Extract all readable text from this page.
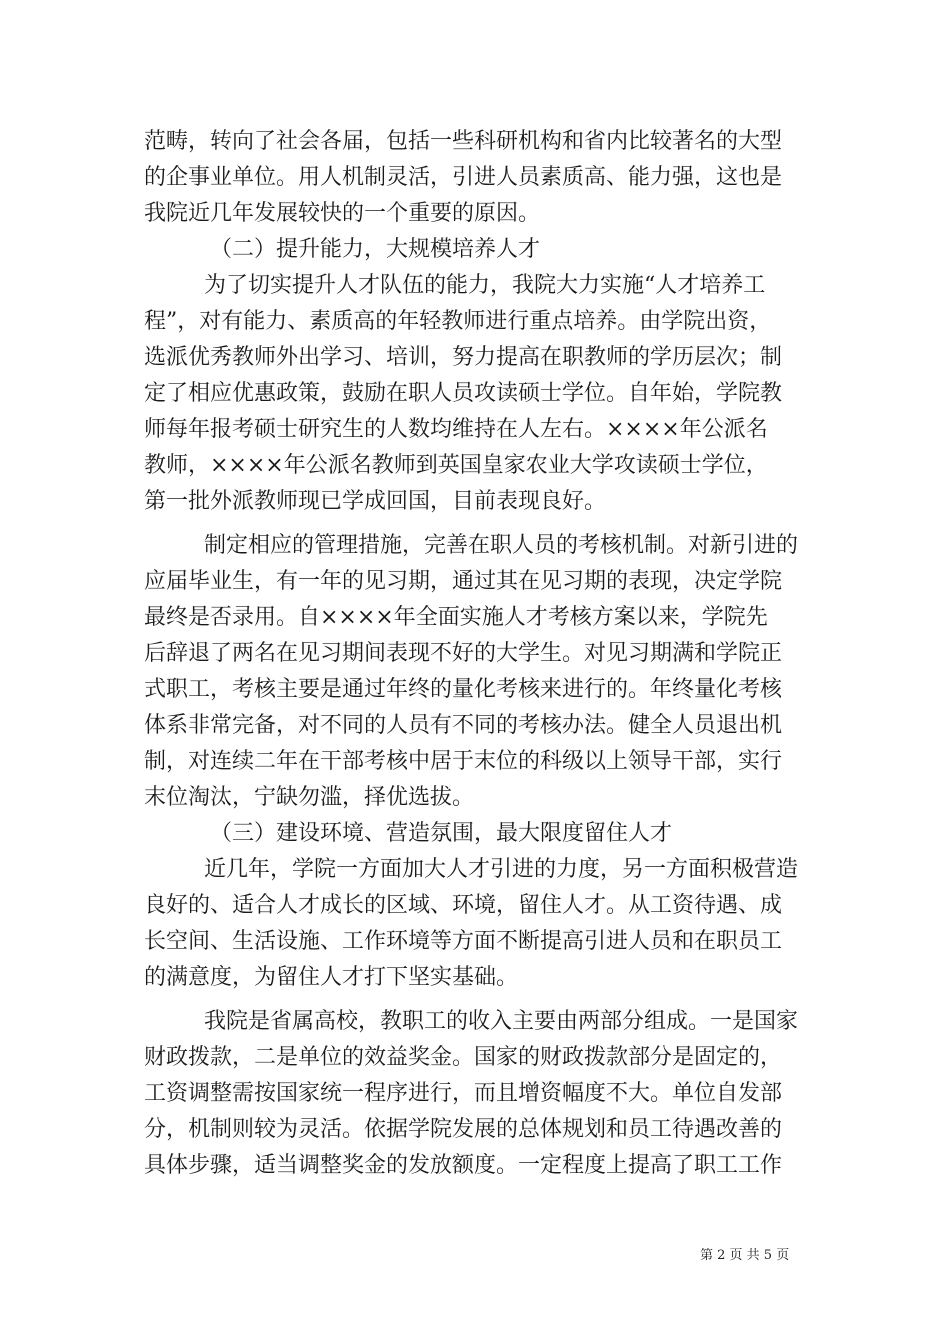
范畴，转向了社会各届，包括一些科研机构和省内比较著名的大型
的企事业单位。用人机制灵活，引进人员素质高、能力强，这也是
我院近几年发展较快的一个重要的原因。
（二）提升能力，大规模培养人才
为了切实提升人才队伍的能力，我院大力实施“人才培养工
程”，对有能力、素质高的年轻教师进行重点培养。由学院出资，
选派优秀教师外出学习、培训，努力提高在职教师的学历层次；制
定了相应优惠政策，鼓励在职人员攻读硕士学位。自年始，学院教
师每年报考硕士研究生的人数均维持在人左右。××××年公派名
教师，××××年公派名教师到英国皇家农业大学攻读硕士学位，
第一批外派教师现已学成回国，目前表现良好。
制定相应的管理措施，完善在职人员的考核机制。对新引进的
应届毕业生，有一年的见习期，通过其在见习期的表现，决定学院
最终是否录用。自××××年全面实施人才考核方案以来，学院先
后辞退了两名在见习期间表现不好的大学生。对见习期满和学院正
式职工，考核主要是通过年终的量化考核来进行的。年终量化考核
体系非常完备，对不同的人员有不同的考核办法。健全人员退出机
制，对连续二年在干部考核中居于末位的科级以上领导干部，实行
末位淘汰，宁缺勿滥，择优选拔。
（三）建设环境、营造氛围，最大限度留住人才
近几年，学院一方面加大人才引进的力度，另一方面积极营造
良好的、适合人才成长的区域、环境，留住人才。从工资待遇、成
长空间、生活设施、工作环境等方面不断提高引进人员和在职员工
的满意度，为留住人才打下坚实基础。
我院是省属高校，教职工的收入主要由两部分组成。一是国家
财政拨款，二是单位的效益奖金。国家的财政拨款部分是固定的，
工资调整需按国家统一程序进行，而且增资幅度不大。单位自发部
分，机制则较为灵活。依据学院发展的总体规划和员工待遇改善的
具体步骤，适当调整奖金的发放额度。一定程度上提高了职工工作
第 2 页 共 5 页
